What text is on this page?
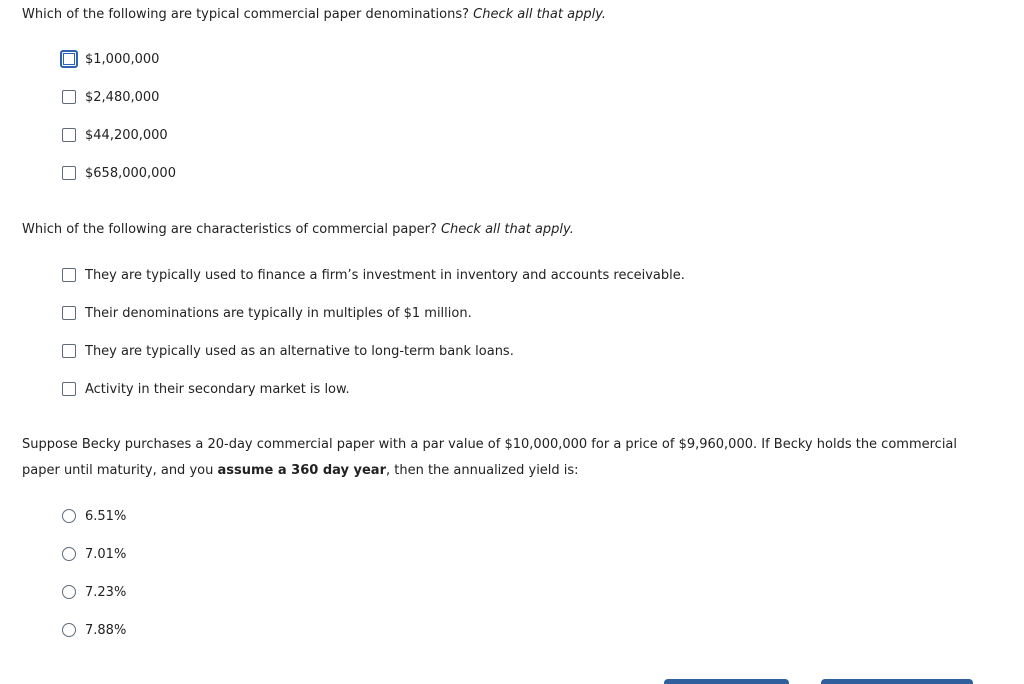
Which of the following are typical commercial paper denominations? Check all that apply.
$1,000,000
$2,480,000
$44,200,000
$658,000,000
Which of the following are characteristics of commercial paper? Check all that apply.
They are typically used to finance a firm’s investment in inventory and accounts receivable.
Their denominations are typically in multiples of $1 million.
They are typically used as an alternative to long-term bank loans.
Activity in their secondary market is low.
Suppose Becky purchases a 20-day commercial paper with a par value of $10,000,000 for a price of $9,960,000. If Becky holds the commercial paper until maturity, and you assume a 360 day year, then the annualized yield is:
6.51%
7.01%
7.23%
7.88%
